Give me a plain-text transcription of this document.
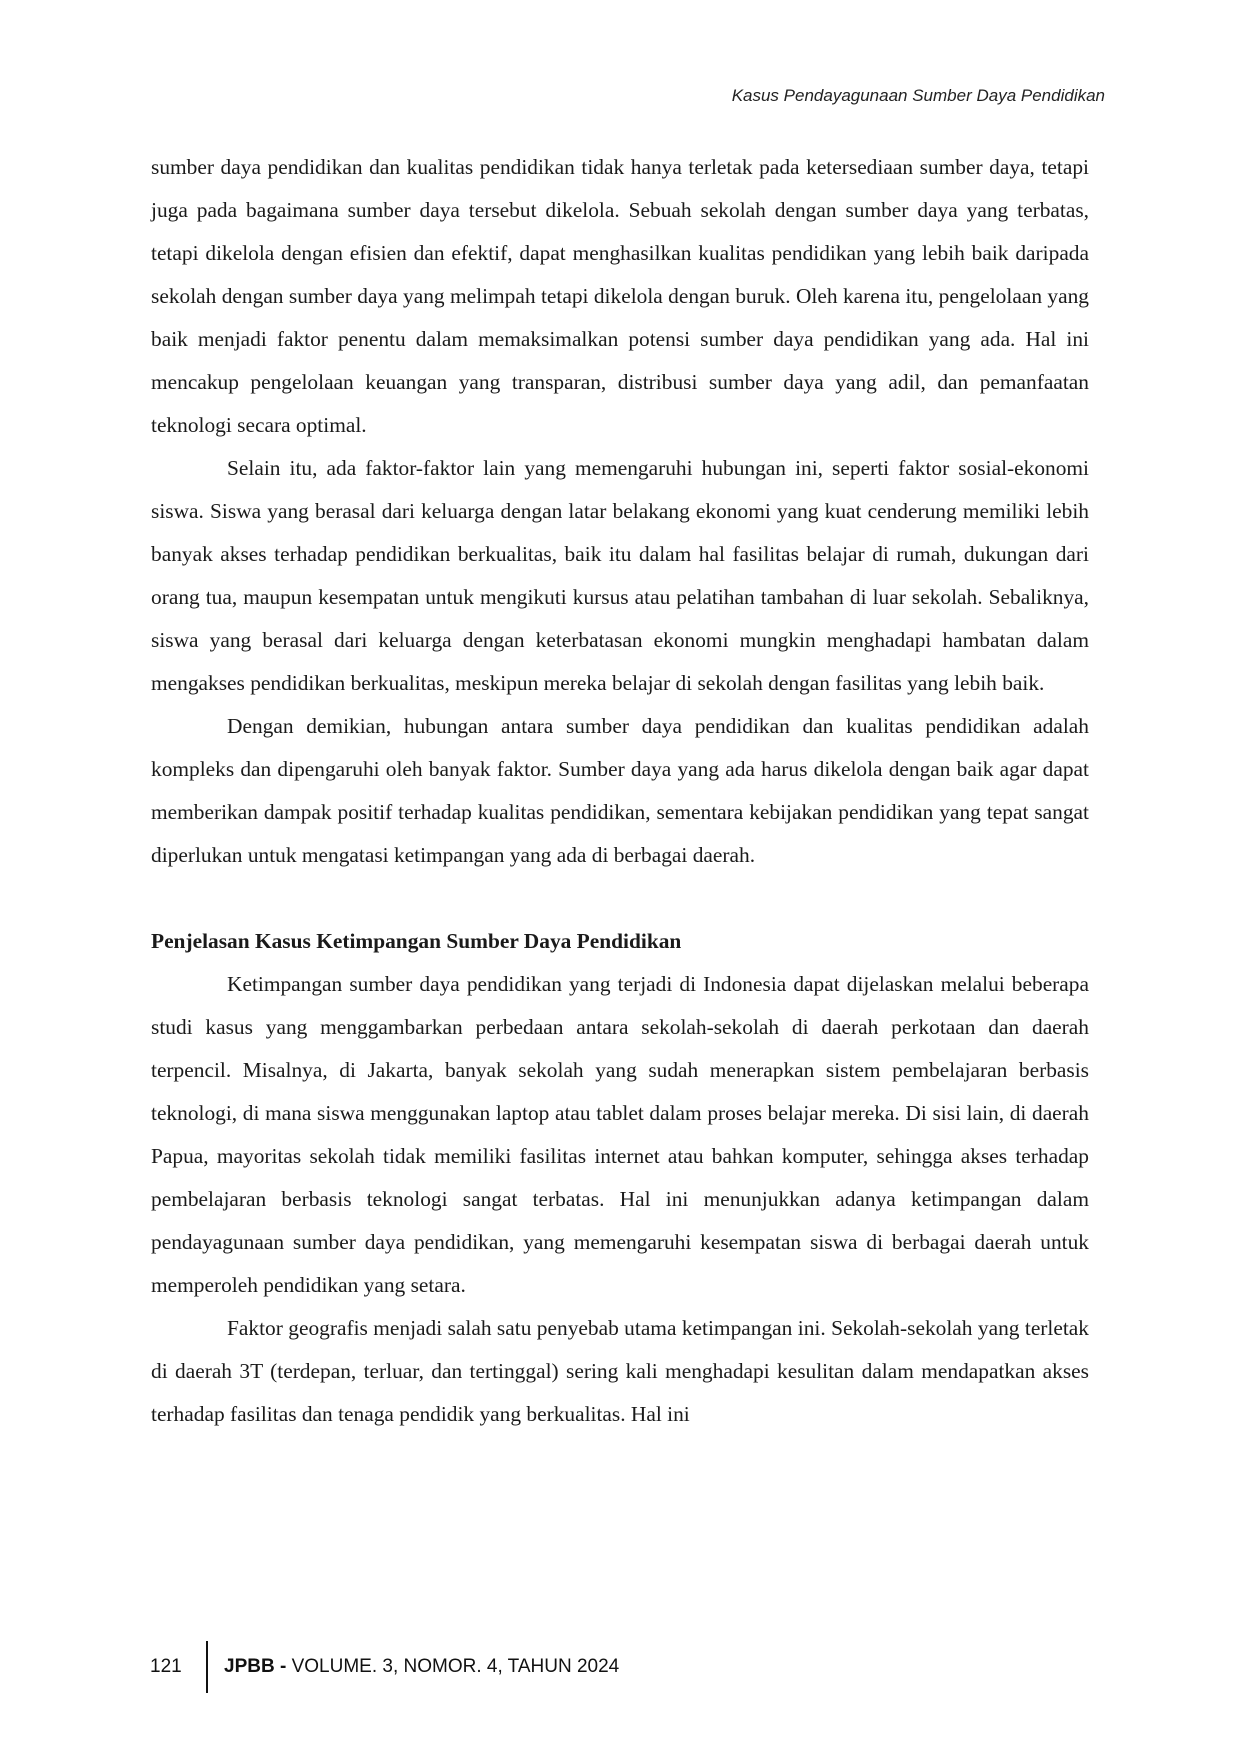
Kasus Pendayagunaan Sumber Daya Pendidikan

sumber daya pendidikan dan kualitas pendidikan tidak hanya terletak pada ketersediaan sumber daya, tetapi juga pada bagaimana sumber daya tersebut dikelola. Sebuah sekolah dengan sumber daya yang terbatas, tetapi dikelola dengan efisien dan efektif, dapat menghasilkan kualitas pendidikan yang lebih baik daripada sekolah dengan sumber daya yang melimpah tetapi dikelola dengan buruk. Oleh karena itu, pengelolaan yang baik menjadi faktor penentu dalam memaksimalkan potensi sumber daya pendidikan yang ada. Hal ini mencakup pengelolaan keuangan yang transparan, distribusi sumber daya yang adil, dan pemanfaatan teknologi secara optimal.

Selain itu, ada faktor-faktor lain yang memengaruhi hubungan ini, seperti faktor sosial-ekonomi siswa. Siswa yang berasal dari keluarga dengan latar belakang ekonomi yang kuat cenderung memiliki lebih banyak akses terhadap pendidikan berkualitas, baik itu dalam hal fasilitas belajar di rumah, dukungan dari orang tua, maupun kesempatan untuk mengikuti kursus atau pelatihan tambahan di luar sekolah. Sebaliknya, siswa yang berasal dari keluarga dengan keterbatasan ekonomi mungkin menghadapi hambatan dalam mengakses pendidikan berkualitas, meskipun mereka belajar di sekolah dengan fasilitas yang lebih baik.

Dengan demikian, hubungan antara sumber daya pendidikan dan kualitas pendidikan adalah kompleks dan dipengaruhi oleh banyak faktor. Sumber daya yang ada harus dikelola dengan baik agar dapat memberikan dampak positif terhadap kualitas pendidikan, sementara kebijakan pendidikan yang tepat sangat diperlukan untuk mengatasi ketimpangan yang ada di berbagai daerah.

Penjelasan Kasus Ketimpangan Sumber Daya Pendidikan

Ketimpangan sumber daya pendidikan yang terjadi di Indonesia dapat dijelaskan melalui beberapa studi kasus yang menggambarkan perbedaan antara sekolah-sekolah di daerah perkotaan dan daerah terpencil. Misalnya, di Jakarta, banyak sekolah yang sudah menerapkan sistem pembelajaran berbasis teknologi, di mana siswa menggunakan laptop atau tablet dalam proses belajar mereka. Di sisi lain, di daerah Papua, mayoritas sekolah tidak memiliki fasilitas internet atau bahkan komputer, sehingga akses terhadap pembelajaran berbasis teknologi sangat terbatas. Hal ini menunjukkan adanya ketimpangan dalam pendayagunaan sumber daya pendidikan, yang memengaruhi kesempatan siswa di berbagai daerah untuk memperoleh pendidikan yang setara.

Faktor geografis menjadi salah satu penyebab utama ketimpangan ini. Sekolah-sekolah yang terletak di daerah 3T (terdepan, terluar, dan tertinggal) sering kali menghadapi kesulitan dalam mendapatkan akses terhadap fasilitas dan tenaga pendidik yang berkualitas. Hal ini

121	JPBB - VOLUME. 3, NOMOR. 4, TAHUN 2024
